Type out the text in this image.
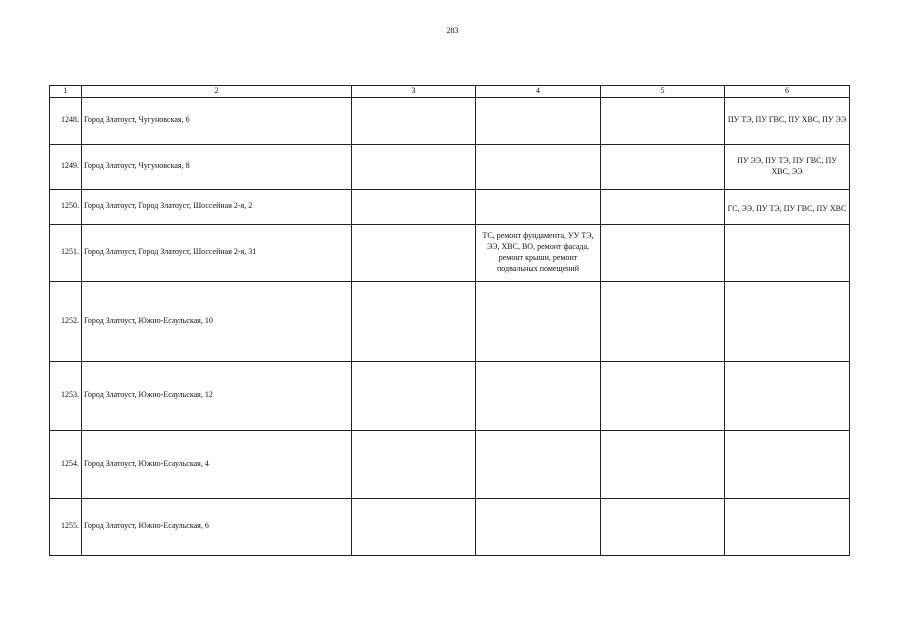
283
1	2	3	4	5	6
1248.	Город Златоуст, Чугуновская, 6				ПУ ТЭ, ПУ ГВС, ПУ ХВС, ПУ ЭЭ
1249.	Город Златоуст, Чугуновская, 8				ПУ ЭЭ, ПУ ТЭ, ПУ ГВС, ПУ ХВС, ЭЭ
1250.	Город Златоуст, Город Златоуст, Шоссейная 2-я, 2				ГС, ЭЭ, ПУ ТЭ, ПУ ГВС, ПУ ХВС
1251.	Город Златоуст, Город Златоуст, Шоссейная 2-я, 31		ТС, ремонт фундамента, УУ ТЭ, ЭЭ, ХВС, ВО, ремонт фасада, ремонт крыши, ремонт подвальных помещений		
1252.	Город Златоуст, Южно-Есаульская, 10				
1253.	Город Златоуст, Южно-Есаульская, 12				
1254.	Город Златоуст, Южно-Есаульская, 4				
1255.	Город Златоуст, Южно-Есаульская, 6				
